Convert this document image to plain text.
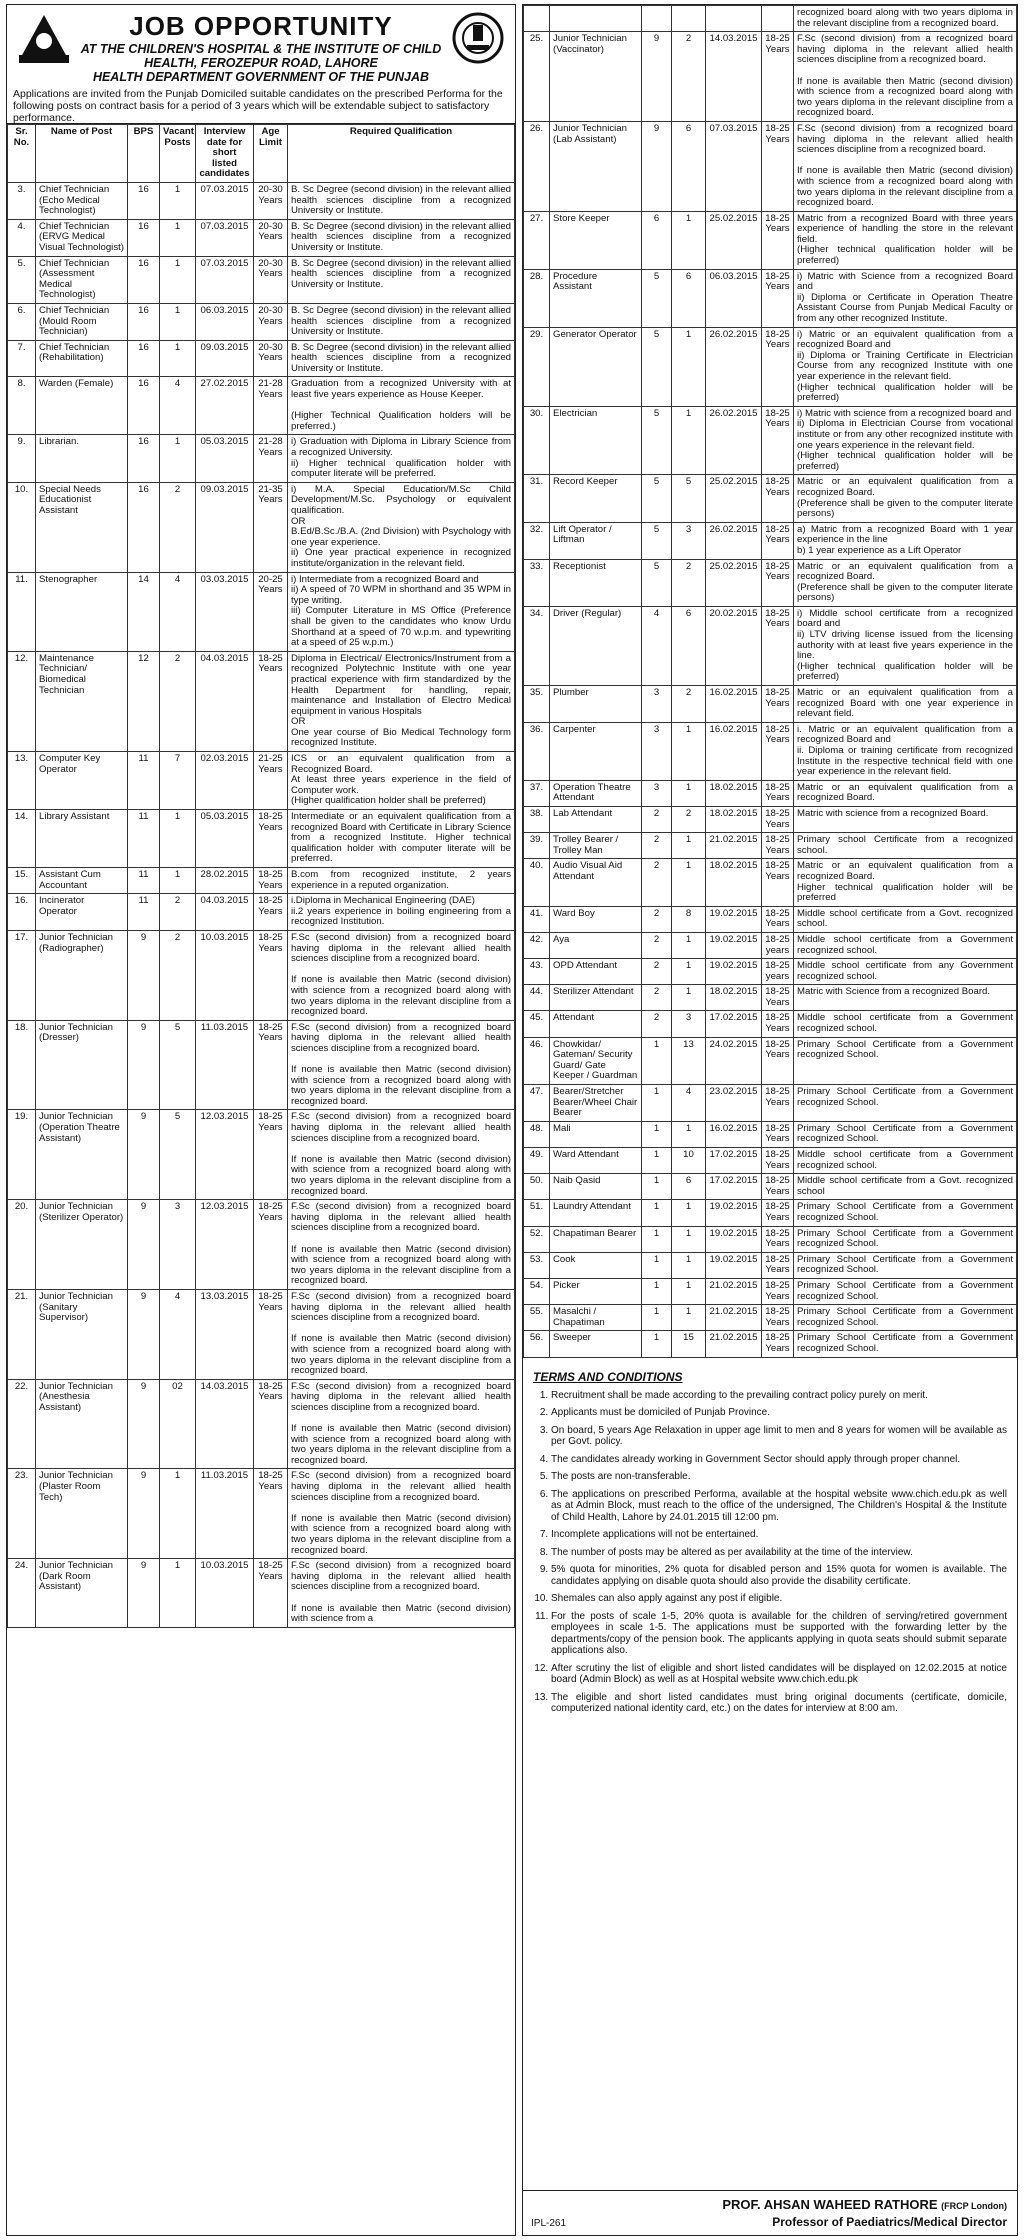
JOB OPPORTUNITY
AT THE CHILDREN'S HOSPITAL & THE INSTITUTE OF CHILD
HEALTH, FEROZEPUR ROAD, LAHORE
HEALTH DEPARTMENT GOVERNMENT OF THE PUNJAB
Applications are invited from the Punjab Domiciled suitable candidates on the prescribed Performa for the following posts on contract basis for a period of 3 years which will be extendable subject to satisfactory performance.
Sr. No.	Name of Post	BPS	Vacant Posts	Interview date for short listed candidates	Age Limit	Required Qualification
3.	Chief Technician (Echo Medical Technologist)	16	1	07.03.2015	20-30 Years	B. Sc Degree (second division) in the relevant allied health sciences discipline from a recognized University or Institute.
4.	Chief Technician (ERVG Medical Visual Technologist)	16	1	07.03.2015	20-30 Years	B. Sc Degree (second division) in the relevant allied health sciences discipline from a recognized University or Institute.
5.	Chief Technician (Assessment Medical Technologist)	16	1	07.03.2015	20-30 Years	B. Sc Degree (second division) in the relevant allied health sciences discipline from a recognized University or Institute.
6.	Chief Technician (Mould Room Technician)	16	1	06.03.2015	20-30 Years	B. Sc Degree (second division) in the relevant allied health sciences discipline from a recognized University or Institute.
7.	Chief Technician (Rehabilitation)	16	1	09.03.2015	20-30 Years	B. Sc Degree (second division) in the relevant allied health sciences discipline from a recognized University or Institute.
8.	Warden (Female)	16	4	27.02.2015	21-28 Years	Graduation from a recognized University with at least five years experience as House Keeper.

(Higher Technical Qualification holders will be preferred.)
9.	Librarian.	16	1	05.03.2015	21-28 Years	i) Graduation with Diploma in Library Science from a recognized University.
ii) Higher technical qualification holder with computer literate will be preferred.
10.	Special Needs Educationist Assistant	16	2	09.03.2015	21-35 Years	i) M.A. Special Education/M.Sc Child Development/M.Sc. Psychology or equivalent qualification.
OR
B.Ed/B.Sc./B.A. (2nd Division) with Psychology with one year experience.
ii) One year practical experience in recognized institute/organization in the relevant field.
11.	Stenographer	14	4	03.03.2015	20-25 Years	i) Intermediate from a recognized Board and
ii) A speed of 70 WPM in shorthand and 35 WPM in type writing.
iii) Computer Literature in MS Office (Preference shall be given to the candidates who know Urdu Shorthand at a speed of 70 w.p.m. and typewriting at a speed of 25 w.p.m.)
12.	Maintenance Technician/ Biomedical Technician	12	2	04.03.2015	18-25 Years	Diploma in Electrical/ Electronics/Instrument from a recognized Polytechnic Institute with one year practical experience with firm standardized by the Health Department for handling, repair, maintenance and Installation of Electro Medical equipment in various Hospitals
OR
One year course of Bio Medical Technology form recognized Institute.
13.	Computer Key Operator	11	7	02.03.2015	21-25 Years	ICS or an equivalent qualification from a Recognized Board.
At least three years experience in the field of Computer work.
(Higher qualification holder shall be preferred)
14.	Library Assistant	11	1	05.03.2015	18-25 Years	Intermediate or an equivalent qualification from a recognized Board with Certificate in Library Science from a recognized Institute. Higher technical qualification holder with computer literate will be preferred.
15.	Assistant Cum Accountant	11	1	28.02.2015	18-25 Years	B.com from recognized institute, 2 years experience in a reputed organization.
16.	Incinerator Operator	11	2	04.03.2015	18-25 Years	i.Diploma in Mechanical Engineering (DAE)
ii.2 years experience in boiling engineering from a recognized Institution.
17.	Junior Technician (Radiographer)	9	2	10.03.2015	18-25 Years	F.Sc (second division) from a recognized board having diploma in the relevant allied health sciences discipline from a recognized board.

If none is available then Matric (second division) with science from a recognized board along with two years diploma in the relevant discipline from a recognized board.
18.	Junior Technician (Dresser)	9	5	11.03.2015	18-25 Years	F.Sc (second division) from a recognized board having diploma in the relevant allied health sciences discipline from a recognized board.

If none is available then Matric (second division) with science from a recognized board along with two years diploma in the relevant discipline from a recognized board.
19.	Junior Technician (Operation Theatre Assistant)	9	5	12.03.2015	18-25 Years	F.Sc (second division) from a recognized board having diploma in the relevant allied health sciences discipline from a recognized board.

If none is available then Matric (second division) with science from a recognized board along with two years diploma in the relevant discipline from a recognized board.
20.	Junior Technician (Sterilizer Operator)	9	3	12.03.2015	18-25 Years	F.Sc (second division) from a recognized board having diploma in the relevant allied health sciences discipline from a recognized board.

If none is available then Matric (second division) with science from a recognized board along with two years diploma in the relevant discipline from a recognized board.
21.	Junior Technician (Sanitary Supervisor)	9	4	13.03.2015	18-25 Years	F.Sc (second division) from a recognized board having diploma in the relevant allied health sciences discipline from a recognized board.

If none is available then Matric (second division) with science from a recognized board along with two years diploma in the relevant discipline from a recognized board.
22.	Junior Technician (Anesthesia Assistant)	9	02	14.03.2015	18-25 Years	F.Sc (second division) from a recognized board having diploma in the relevant allied health sciences discipline from a recognized board.

If none is available then Matric (second division) with science from a recognized board along with two years diploma in the relevant discipline from a recognized board.
23.	Junior Technician (Plaster Room Tech)	9	1	11.03.2015	18-25 Years	F.Sc (second division) from a recognized board having diploma in the relevant allied health sciences discipline from a recognized board.

If none is available then Matric (second division) with science from a recognized board along with two years diploma in the relevant discipline from a recognized board.
24.	Junior Technician (Dark Room Assistant)	9	1	10.03.2015	18-25 Years	F.Sc (second division) from a recognized board having diploma in the relevant allied health sciences discipline from a recognized board.

If none is available then Matric (second division) with science from a
						recognized board along with two years diploma in the relevant discipline from a recognized board.
25.	Junior Technician (Vaccinator)	9	2	14.03.2015	18-25 Years	F.Sc (second division) from a recognized board having diploma in the relevant allied health sciences discipline from a recognized board.

If none is available then Matric (second division) with science from a recognized board along with two years diploma in the relevant discipline from a recognized board.
26.	Junior Technician (Lab Assistant)	9	6	07.03.2015	18-25 Years	F.Sc (second division) from a recognized board having diploma in the relevant allied health sciences discipline from a recognized board.

If none is available then Matric (second division) with science from a recognized board along with two years diploma in the relevant discipline from a recognized board.
27.	Store Keeper	6	1	25.02.2015	18-25 Years	Matric from a recognized Board with three years experience of handling the store in the relevant field.
(Higher technical qualification holder will be preferred)
28.	Procedure Assistant	5	6	06.03.2015	18-25 Years	i) Matric with Science from a recognized Board and
ii) Diploma or Certificate in Operation Theatre Assistant Course from Punjab Medical Faculty or from any other recognized Institute.
29.	Generator Operator	5	1	26.02.2015	18-25 Years	i) Matric or an equivalent qualification from a recognized Board and
ii) Diploma or Training Certificate in Electrician Course from any recognized Institute with one year experience in the relevant field.
(Higher technical qualification holder will be preferred)
30.	Electrician	5	1	26.02.2015	18-25 Years	i) Matric with science from a recognized board and
ii) Diploma in Electrician Course from vocational institute or from any other recognized institute with one years experience in the relevant field.
(Higher technical qualification holder will be preferred)
31.	Record Keeper	5	5	25.02.2015	18-25 Years	Matric or an equivalent qualification from a recognized Board.
(Preference shall be given to the computer literate persons)
32.	Lift Operator / Liftman	5	3	26.02.2015	18-25 Years	a) Matric from a recognized Board with 1 year experience in the line
b) 1 year experience as a Lift Operator
33.	Receptionist	5	2	25.02.2015	18-25 Years	Matric or an equivalent qualification from a recognized Board.
(Preference shall be given to the computer literate persons)
34.	Driver (Regular)	4	6	20.02.2015	18-25 Years	i) Middle school certificate from a recognized board and
ii) LTV driving license issued from the licensing authority with at least five years experience in the line.
(Higher technical qualification holder will be preferred)
35.	Plumber	3	2	16.02.2015	18-25 Years	Matric or an equivalent qualification from a recognized Board with one year experience in relevant field.
36.	Carpenter	3	1	16.02.2015	18-25 Years	i. Matric or an equivalent qualification from a recognized Board and
ii. Diploma or training certificate from recognized Institute in the respective technical field with one year experience in the relevant field.
37.	Operation Theatre Attendant	3	1	18.02.2015	18-25 Years	Matric or an equivalent qualification from a recognized Board.
38.	Lab Attendant	2	2	18.02.2015	18-25 Years	Matric with science from a recognized Board.
39.	Trolley Bearer / Trolley Man	2	1	21.02.2015	18-25 Years	Primary school Certificate from a recognized school.
40.	Audio Visual Aid Attendant	2	1	18.02.2015	18-25 Years	Matric or an equivalent qualification from a recognized Board.
Higher technical qualification holder will be preferred
41.	Ward Boy	2	8	19.02.2015	18-25 Years	Middle school certificate from a Govt. recognized school.
42.	Aya	2	1	19.02.2015	18-25 years	Middle school certificate from a Government recognized school.
43.	OPD Attendant	2	1	19.02.2015	18-25 years	Middle school certificate from any Government recognized school.
44.	Sterilizer Attendant	2	1	18.02.2015	18-25 Years	Matric with Science from a recognized Board.
45.	Attendant	2	3	17.02.2015	18-25 Years	Middle school certificate from a Government recognized school.
46.	Chowkidar/ Gateman/ Security Guard/ Gate Keeper / Guardman	1	13	24.02.2015	18-25 Years	Primary School Certificate from a Government recognized School.
47.	Bearer/Stretcher Bearer/Wheel Chair Bearer	1	4	23.02.2015	18-25 Years	Primary School Certificate from a Government recognized School.
48.	Mali	1	1	16.02.2015	18-25 Years	Primary School Certificate from a Government recognized School.
49.	Ward Attendant	1	10	17.02.2015	18-25 Years	Middle school certificate from a Government recognized school.
50.	Naib Qasid	1	6	17.02.2015	18-25 Years	Middle school certificate from a Govt. recognized school
51.	Laundry Attendant	1	1	19.02.2015	18-25 Years	Primary School Certificate from a Government recognized School.
52.	Chapatiman Bearer	1	1	19.02.2015	18-25 Years	Primary School Certificate from a Government recognized School.
53.	Cook	1	1	19.02.2015	18-25 Years	Primary School Certificate from a Government recognized School.
54.	Picker	1	1	21.02.2015	18-25 Years	Primary School Certificate from a Government recognized School.
55.	Masalchi / Chapatiman	1	1	21.02.2015	18-25 Years	Primary School Certificate from a Government recognized School.
56.	Sweeper	1	15	21.02.2015	18-25 Years	Primary School Certificate from a Government recognized School.
TERMS AND CONDITIONS
1. Recruitment shall be made according to the prevailing contract policy purely on merit.
2. Applicants must be domiciled of Punjab Province.
3. On board, 5 years Age Relaxation in upper age limit to men and 8 years for women will be available as per Govt. policy.
4. The candidates already working in Government Sector should apply through proper channel.
5. The posts are non-transferable.
6. The applications on prescribed Performa, available at the hospital website www.chich.edu.pk as well as at Admin Block, must reach to the office of the undersigned, The Children's Hospital & the Institute of Child Health, Lahore by 24.01.2015 till 12:00 pm.
7. Incomplete applications will not be entertained.
8. The number of posts may be altered as per availability at the time of the interview.
9. 5% quota for minorities, 2% quota for disabled person and 15% quota for women is available. The candidates applying on disable quota should also provide the disability certificate.
10. Shemales can also apply against any post if eligible.
11. For the posts of scale 1-5, 20% quota is available for the children of serving/retired government employees in scale 1-5. The applications must be supported with the forwarding letter by the departments/copy of the pension book. The applicants applying in quota seats should submit separate applications also.
12. After scrutiny the list of eligible and short listed candidates will be displayed on 12.02.2015 at notice board (Admin Block) as well as at Hospital website www.chich.edu.pk
13. The eligible and short listed candidates must bring original documents (certificate, domicile, computerized national identity card, etc.) on the dates for interview at 8:00 am.
IPL-261
PROF. AHSAN WAHEED RATHORE (FRCP London)
Professor of Paediatrics/Medical Director
